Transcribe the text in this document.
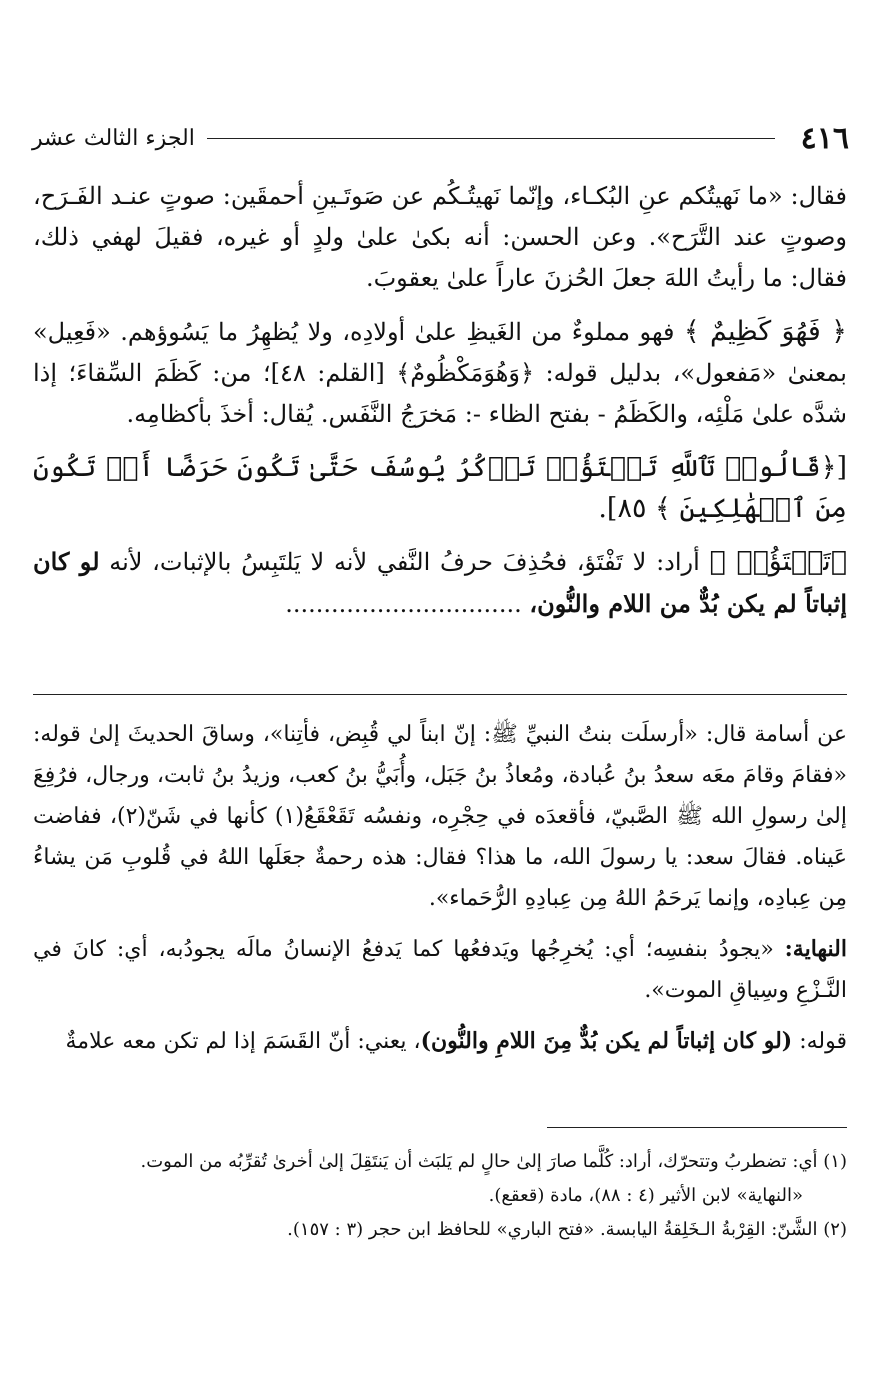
٤١٦
الجزء الثالث عشر

فقال: «ما نَهيتُكم عنِ البُكـاء، وإنّما نَهيتُـكُم عن صَوتَـينِ أحمقَين: صوتٍ عنـد الفَـرَح، وصوتٍ عند التَّرَح». وعن الحسن: أنه بكىٰ علىٰ ولدٍ أو غيره، فقيلَ لهفي ذلك، فقال: ما رأيتُ اللهَ جعلَ الحُزنَ عاراً علىٰ يعقوبَ.

﴿ فَهُوَ كَظِيمٌ ﴾ فهو مملوءٌ من الغَيظِ علىٰ أولادِه، ولا يُظهِرُ ما يَسُوؤهم. «فَعِيل» بمعنىٰ «مَفعول»، بدليل قوله: ﴿وَهُوَمَكْظُومٌ﴾ [القلم: ٤٨]؛ من: كَظَمَ السِّقاءَ؛ إذا شدَّه علىٰ مَلْئِه، والكَظَمُ - بفتح الظاء -: مَخرَجُ النَّفَس. يُقال: أخذَ بأكظامِه.

[﴿قَالُوا۟ تَٱللَّهِ تَفۡتَؤُا۟ تَذۡكُرُ يُوسُفَ حَتَّىٰ تَكُونَ حَرَضًا أَوۡ تَكُونَ مِنَ ٱلۡهَٰلِكِينَ ﴾ ٨٥].

﴿تَفۡتَؤُا۟ ﴾ أراد: لا تَفْتَؤ، فحُذِفَ حرفُ النَّفي لأنه لا يَلتَبِسُ بالإثبات، لأنه لو كان إثباتاً لم يكن بُدٌّ من اللام والنُّون، ...............................

عن أسامة قال: «أرسلَت بنتُ النبيِّ ﷺ: إنّ ابناً لي قُبِض، فأتِنا»، وساقَ الحديثَ إلىٰ قوله: «فقامَ وقامَ معَه سعدُ بنُ عُبادة، ومُعاذُ بنُ جَبَل، وأُبَيُّ بنُ كعب، وزيدُ بنُ ثابت، ورجال، فرُفِعَ إلىٰ رسولِ الله ﷺ الصَّبيّ، فأقعدَه في حِجْرِه، ونفسُه تَقَعْقَعُ(١) كأنها في شَنّ(٢)، ففاضت عَيناه. فقالَ سعد: يا رسولَ الله، ما هذا؟ فقال: هذه رحمةٌ جعَلَها اللهُ في قُلوبِ مَن يشاءُ مِن عِبادِه، وإنما يَرحَمُ اللهُ مِن عِبادِهِ الرُّحَماء».

النهاية: «يجودُ بنفسِه؛ أي: يُخرِجُها ويَدفعُها كما يَدفعُ الإنسانُ مالَه يجودُبه، أي: كانَ في النَّـزْعِ وسِياقِ الموت».

قوله: (لو كان إثباتاً لم يكن بُدٌّ مِنَ اللامِ والنُّون)، يعني: أنّ القَسَمَ إذا لم تكن معه علامةٌ

(١) أي: تضطربُ وتتحرّك، أراد: كُلَّما صارَ إلىٰ حالٍ لم يَلبَث أن يَنتَقِلَ إلىٰ أخرىٰ تُقرِّبُه من الموت.

«النهاية» لابن الأثير (٤ : ٨٨)، مادة (قعقع).

(٢) الشَّنّ: القِرْبةُ الـخَلِقةُ اليابسة. «فتح الباري» للحافظ ابن حجر (٣ : ١٥٧).
